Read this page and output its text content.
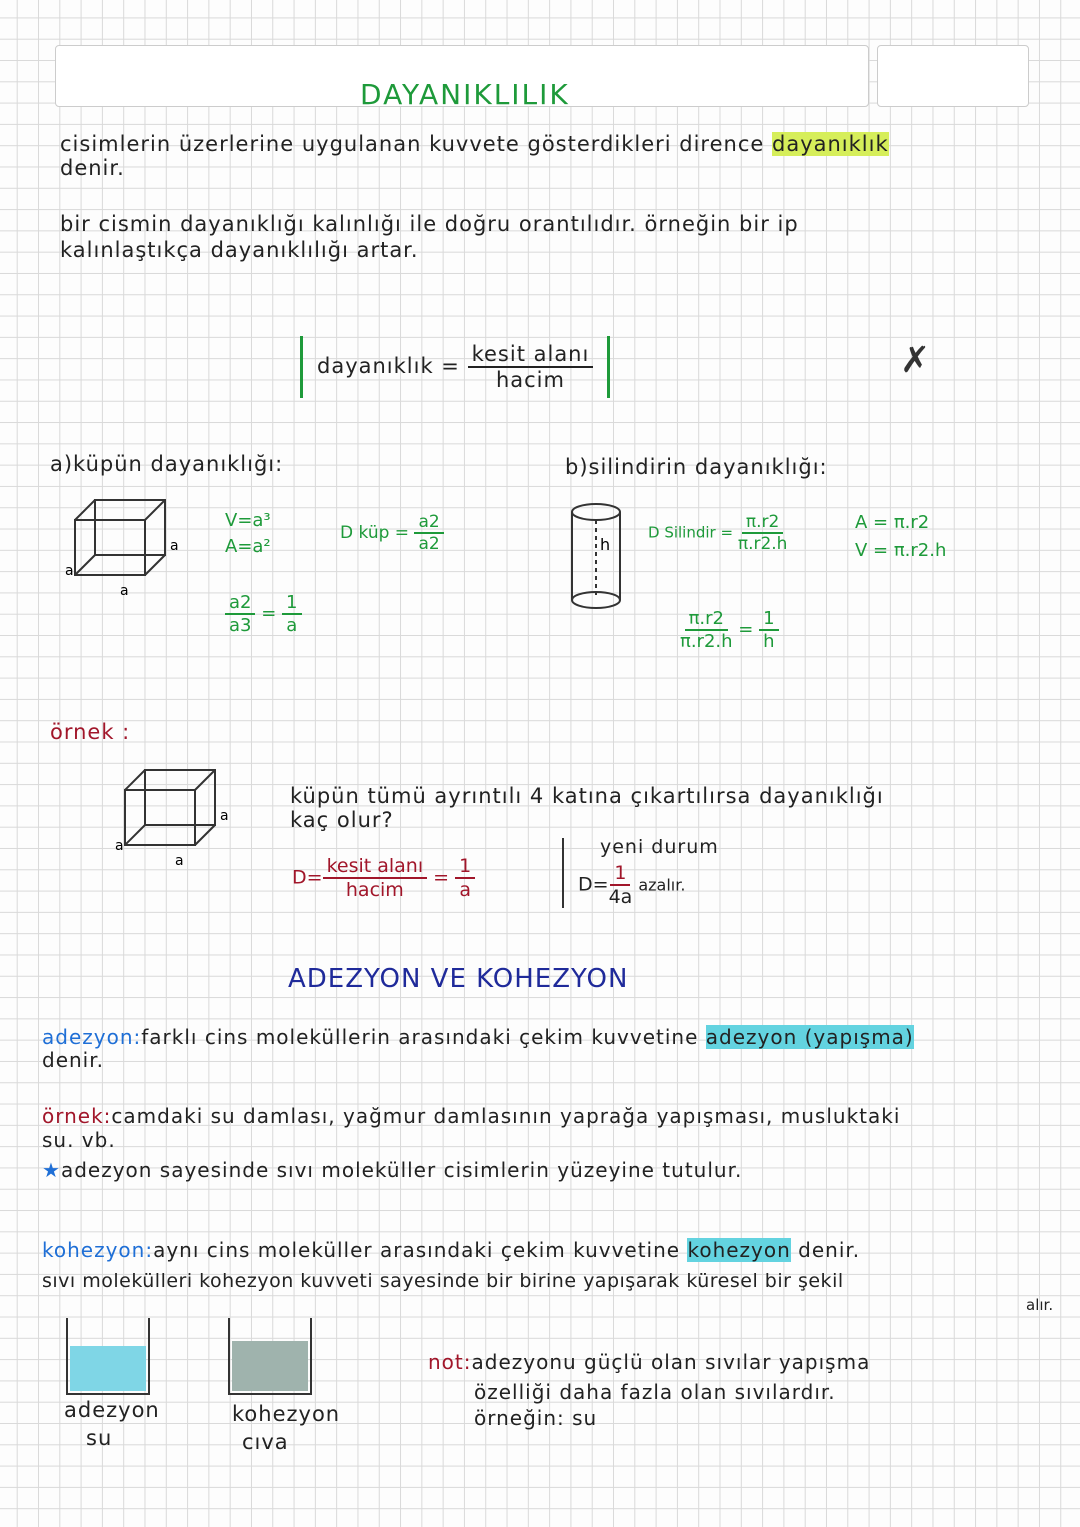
DAYANIKLILIK
cisimlerin üzerlerine uygulanan kuvvete gösterdikleri dirence dayanıklık
denir.
bir cismin dayanıklığı kalınlığı ile doğru orantılıdır. örneğin bir ip
kalınlaştıkça dayanıklılığı artar.
dayanıklık = $\frac{\text{kesit alanı}}{\text{hacim}}$	✗
a)küpün dayanıklığı:
a
a
a
V=a³
A=a²
D küp = $\frac{a2}{a2}$
$\frac{a2}{a3} = \frac{1}{a}$
b)silindirin dayanıklığı:
h
D Silindir = $\frac{\pi.r2}{\pi.r2.h}$	A = π.r2
V = π.r2.h
$\frac{\pi.r2}{\pi.r2.h} = \frac{1}{h}$
örnek :
a
a
a
küpün tümü ayrıntılı 4 katına çıkartılırsa dayanıklığı
kaç olur?
$D= \frac{\text{kesit alanı}}{\text{hacim}} = \frac{1}{a}$
yeni durum
$D= \frac{1}{4a}$ azalır.
ADEZYON VE KOHEZYON
adezyon:farklı cins moleküllerin arasındaki çekim kuvvetine adezyon (yapışma)
denir.
örnek:camdaki su damlası, yağmur damlasının yaprağa yapışması, musluktaki
su. vb.
★adezyon sayesinde sıvı moleküller cisimlerin yüzeyine tutulur.
kohezyon:aynı cins moleküller arasındaki çekim kuvvetine kohezyon denir.
sıvı molekülleri kohezyon kuvveti sayesinde bir birine yapışarak küresel bir şekil
alır.
adezyon
su
kohezyon
cıva
not:adezyonu güçlü olan sıvılar yapışma
özelliği daha fazla olan sıvılardır.
örneğin: su
